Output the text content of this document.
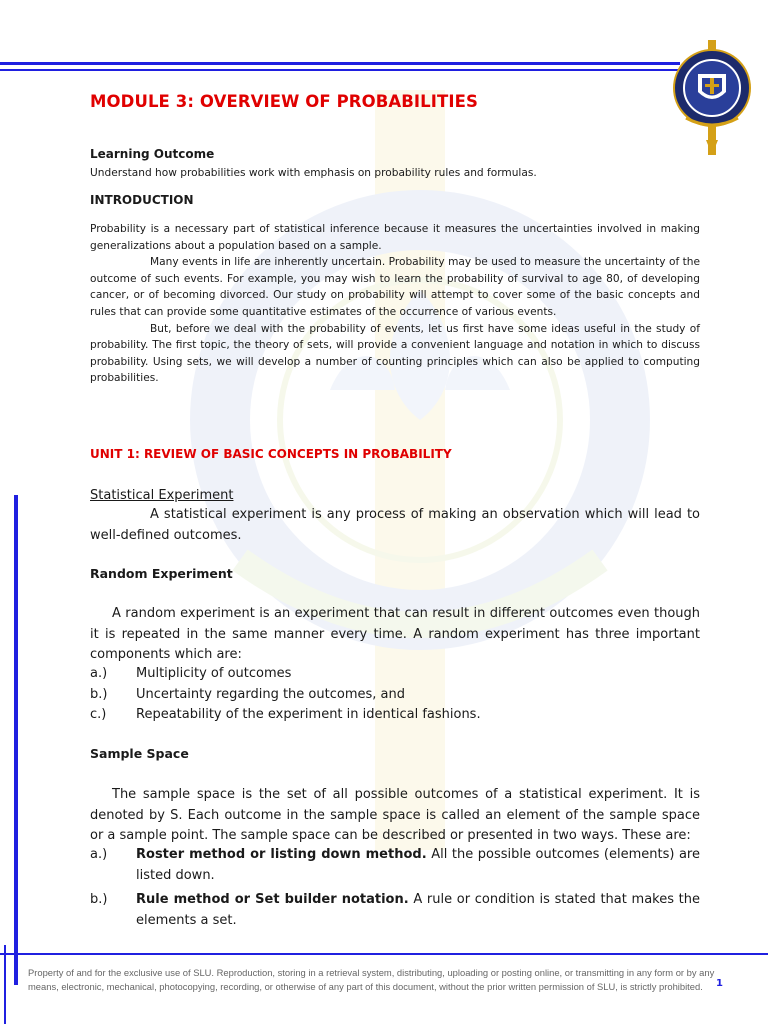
MODULE 3: OVERVIEW OF PROBABILITIES
Learning Outcome
Understand how probabilities work with emphasis on probability rules and formulas.
INTRODUCTION

Probability is a necessary part of statistical inference because it measures the uncertainties involved in making generalizations about a population based on a sample.

Many events in life are inherently uncertain. Probability may be used to measure the uncertainty of the outcome of such events. For example, you may wish to learn the probability of survival to age 80, of developing cancer, or of becoming divorced. Our study on probability will attempt to cover some of the basic concepts and rules that can provide some quantitative estimates of the occurrence of various events.

But, before we deal with the probability of events, let us first have some ideas useful in the study of probability. The first topic, the theory of sets, will provide a convenient language and notation in which to discuss probability. Using sets, we will develop a number of counting principles which can also be applied to computing probabilities.

UNIT 1: REVIEW OF BASIC CONCEPTS IN PROBABILITY
Statistical Experiment
A statistical experiment is any process of making an observation which will lead to well-defined outcomes.
Random Experiment

A random experiment is an experiment that can result in different outcomes even though it is repeated in the same manner every time. A random experiment has three important components which are:

a.)	Multiplicity of outcomes
b.)	Uncertainty regarding the outcomes, and
c.)	Repeatability of the experiment in identical fashions.
Sample Space

The sample space is the set of all possible outcomes of a statistical experiment. It is denoted by S. Each outcome in the sample space is called an element of the sample space or a sample point. The sample space can be described or presented in two ways. These are:

a.)	Roster method or listing down method. All the possible outcomes (elements) are listed down.
b.)	Rule method or Set builder notation. A rule or condition is stated that makes the elements a set.
Property of and for the exclusive use of SLU. Reproduction, storing in a retrieval system, distributing, uploading or posting online, or transmitting in any form or by any means, electronic, mechanical, photocopying, recording, or otherwise of any part of this document, without the prior written permission of SLU, is strictly prohibited.	1
